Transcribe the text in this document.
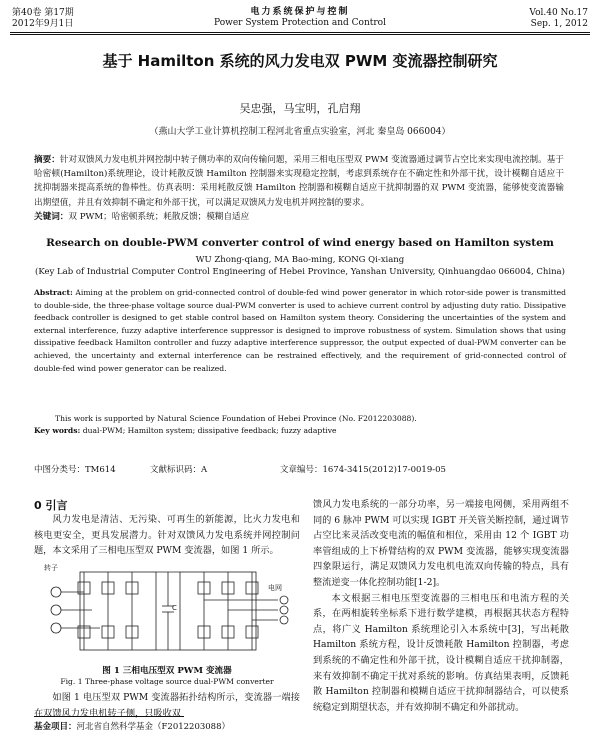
第40卷 第17期
2012年9月1日
电力系统保护与控制
Power System Protection and Control
Vol.40 No.17
Sep. 1, 2012
基于 Hamilton 系统的风力发电双 PWM 变流器控制研究
吴忠强，马宝明，孔启翔
（燕山大学工业计算机控制工程河北省重点实验室，河北 秦皇岛 066004）
摘要：针对双馈风力发电机并网控制中转子侧功率的双向传输问题，采用三相电压型双 PWM 变流器通过调节占空比来实现电流控制。基于哈密顿(Hamilton)系统理论，设计耗散反馈 Hamilton 控制器来实现稳定控制，考虑到系统存在不确定性和外部干扰，设计模糊自适应干扰抑制器来提高系统的鲁棒性。仿真表明：采用耗散反馈 Hamilton 控制器和模糊自适应干扰抑制器的双 PWM 变流器，能够使变流器输出期望值，并且有效抑制不确定和外部干扰，可以满足双馈风力发电机并网控制的要求。
关键词：双 PWM；哈密顿系统；耗散反馈；模糊自适应
Research on double-PWM converter control of wind energy based on Hamilton system
WU Zhong-qiang, MA Bao-ming, KONG Qi-xiang
(Key Lab of Industrial Computer Control Engineering of Hebei Province, Yanshan University, Qinhuangdao 066004, China)
Abstract: Aiming at the problem on grid-connected control of double-fed wind power generator in which rotor-side power is transmitted to double-side, the three-phase voltage source dual-PWM converter is used to achieve current control by adjusting duty ratio. Dissipative feedback controller is designed to get stable control based on Hamilton system theory. Considering the uncertainties of the system and external interference, fuzzy adaptive interference suppressor is designed to improve robustness of system. Simulation shows that using dissipative feedback Hamilton controller and fuzzy adaptive interference suppressor, the output expected of dual-PWM converter can be achieved, the uncertainty and external interference can be restrained effectively, and the requirement of grid-connected control of double-fed wind power generator can be realized.
This work is supported by Natural Science Foundation of Hebei Province (No. F2012203088).
Key words: dual-PWM; Hamilton system; dissipative feedback; fuzzy adaptive
中图分类号：TM614	文献标识码：A	文章编号：1674-3415(2012)17-0019-05
0 引言

风力发电是清洁、无污染、可再生的新能源，比火力发电和核电更安全，更具发展潜力。针对双馈风力发电系统并网控制问题，本文采用了三相电压型双 PWM 变流器，如图 1 所示。

转子
C
电网
图 1 三相电压型双 PWM 变流器
Fig. 1 Three-phase voltage source dual-PWM converter

如图 1 电压型双 PWM 变流器拓扑结构所示，变流器一端接在双馈风力发电机转子侧，只吸收双

馈风力发电系统的一部分功率，另一端接电网侧，采用两组不同的 6 脉冲 PWM 可以实现 IGBT 开关管关断控制，通过调节占空比来灵活改变电流的幅值和相位，采用由 12 个 IGBT 功率管组成的上下桥臂结构的双 PWM 变流器，能够实现变流器四象限运行，满足双馈风力发电机电流双向传输的特点，具有整流逆变一体化控制功能[1-2]。

本文根据三相电压型变流器的三相电压和电流方程的关系，在两相旋转坐标系下进行数学建模，再根据其状态方程特点，将广义 Hamilton 系统理论引入本系统中[3]，写出耗散 Hamilton 系统方程，设计反馈耗散 Hamilton 控制器，考虑到系统的不确定性和外部干扰，设计模糊自适应干扰抑制器，来有效抑制不确定干扰对系统的影响。仿真结果表明，反馈耗散 Hamilton 控制器和模糊自适应干扰抑制器结合，可以使系统稳定到期望状态，并有效抑制不确定和外部扰动。

基金项目：河北省自然科学基金（F2012203088）
